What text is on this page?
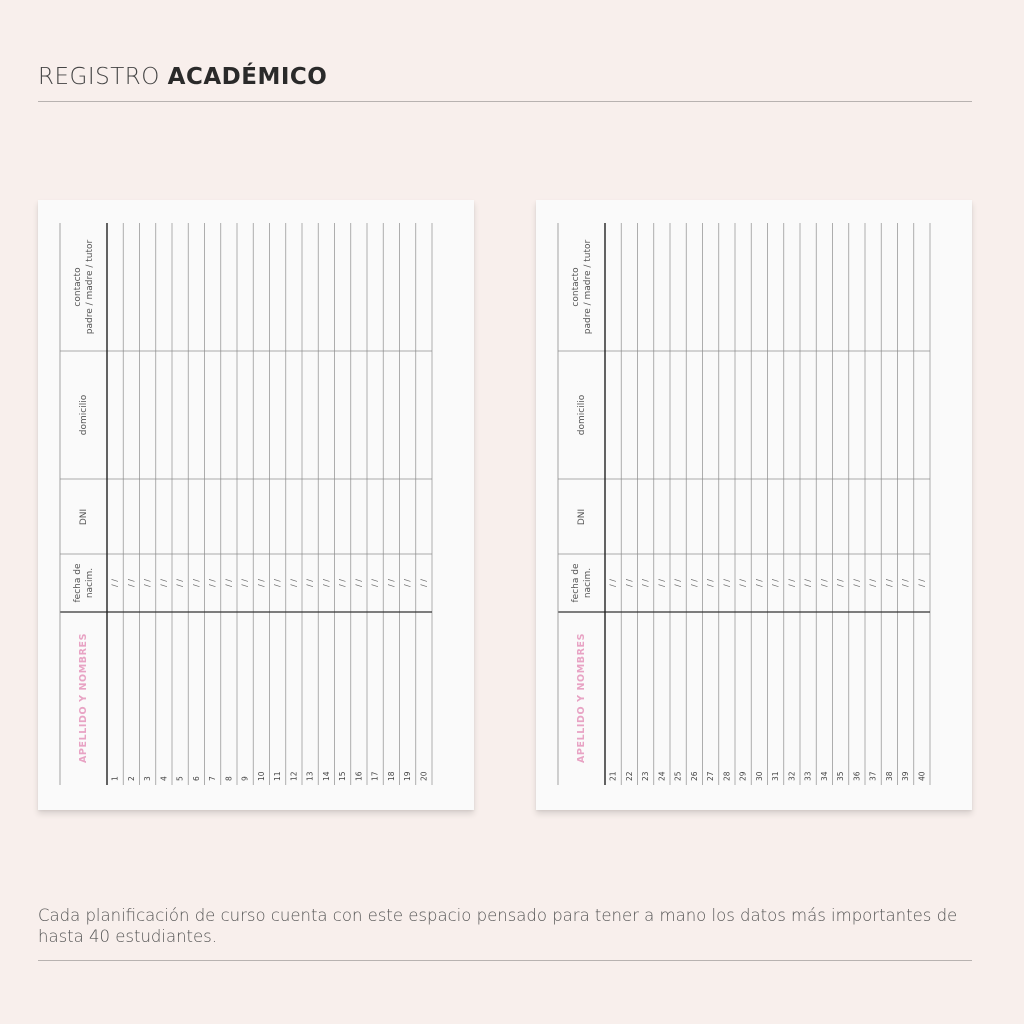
REGISTRO ACADÉMICO
1
/ /
2
/ /
3
/ /
4
/ /
5
/ /
6
/ /
7
/ /
8
/ /
9
/ /
10
/ /
11
/ /
12
/ /
13
/ /
14
/ /
15
/ /
16
/ /
17
/ /
18
/ /
19
/ /
20
/ /
contacto padre / madre / tutor
domicilio
DNI
fecha de nacim.
APELLIDO Y NOMBRES
21
/ /
22
/ /
23
/ /
24
/ /
25
/ /
26
/ /
27
/ /
28
/ /
29
/ /
30
/ /
31
/ /
32
/ /
33
/ /
34
/ /
35
/ /
36
/ /
37
/ /
38
/ /
39
/ /
40
/ /
contacto padre / madre / tutor
domicilio
DNI
fecha de nacim.
APELLIDO Y NOMBRES
Cada planificación de curso cuenta con este espacio pensado para tener a mano los datos más importantes de hasta 40 estudiantes.
